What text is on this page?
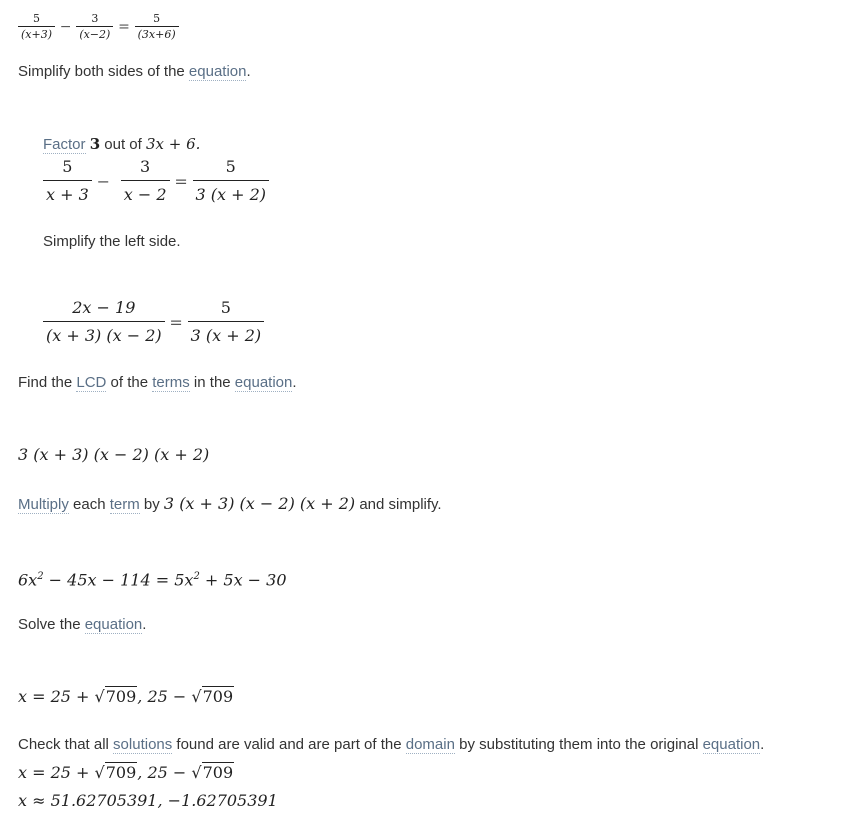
$\frac{5}{(x+3)} - \frac{3}{(x-2)} = \frac{5}{(3x+6)}$
Simplify both sides of the equation.
Factor 3 out of 3x + 6.
$\frac{5}{x + 3} - \frac{3}{x - 2} = \frac{5}{3 (x + 2)}$
Simplify the left side.
$\frac{2x - 19}{(x + 3) (x - 2)} = \frac{5}{3 (x + 2)}$
Find the LCD of the terms in the equation.
3 (x + 3) (x − 2) (x + 2)
Multiply each term by 3 (x + 3) (x − 2) (x + 2) and simplify.
$6x^2 - 45x - 114 = 5x^2 + 5x - 30$
Solve the equation.
x = 25 + √709, 25 − √709
Check that all solutions found are valid and are part of the domain by substituting them into the original equation.
x = 25 + √709, 25 − √709
x ≈ 51.62705391, −1.62705391
